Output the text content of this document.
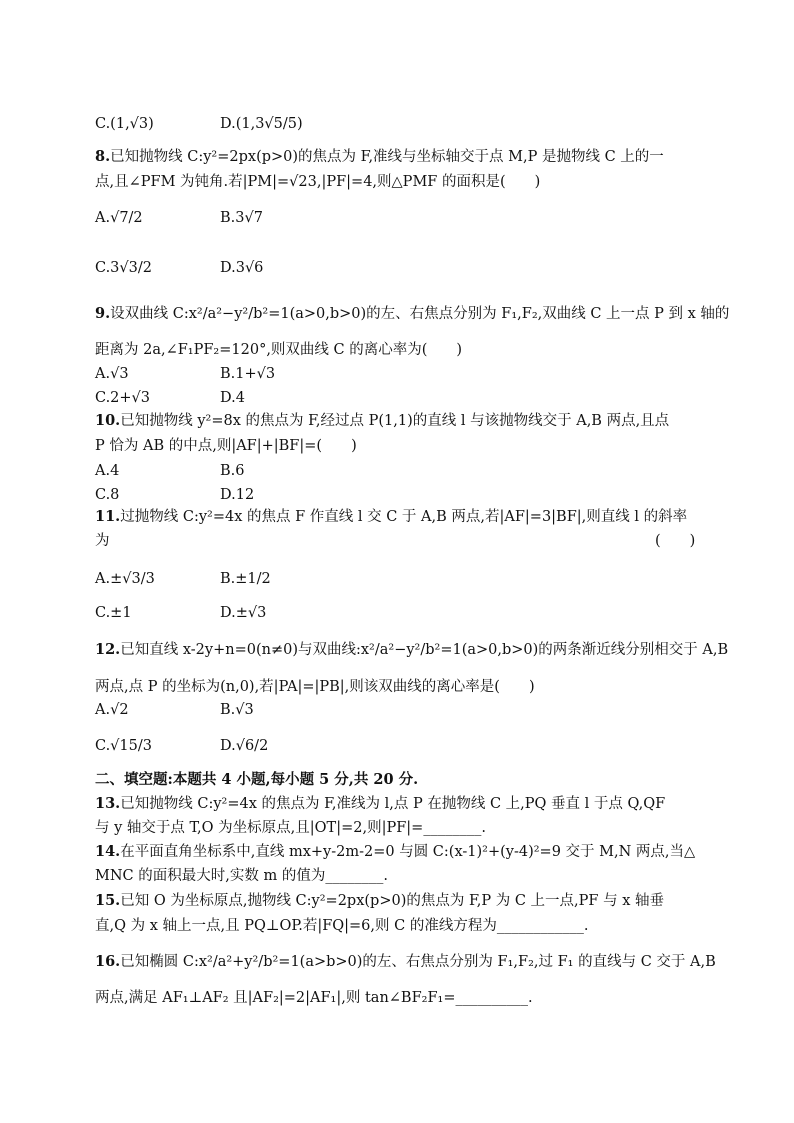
C.(1,√3)	D.(1,3√5/5)
8.已知抛物线 C:y²=2px(p>0)的焦点为 F,准线与坐标轴交于点 M,P 是抛物线 C 上的一
点,且∠PFM 为钝角.若|PM|=√23,|PF|=4,则△PMF 的面积是(　　)
A.√7/2	B.3√7
C.3√3/2	D.3√6
9.设双曲线 C:x²/a²−y²/b²=1(a>0,b>0)的左、右焦点分别为 F₁,F₂,双曲线 C 上一点 P 到 x 轴的
距离为 2a,∠F₁PF₂=120°,则双曲线 C 的离心率为(　　)
A.√3	B.1+√3
C.2+√3	D.4
10.已知抛物线 y²=8x 的焦点为 F,经过点 P(1,1)的直线 l 与该抛物线交于 A,B 两点,且点
P 恰为 AB 的中点,则|AF|+|BF|=(　　)
A.4	B.6
C.8	D.12
11.过抛物线 C:y²=4x 的焦点 F 作直线 l 交 C 于 A,B 两点,若|AF|=3|BF|,则直线 l 的斜率
为	(　　)
A.±√3/3	B.±1/2
C.±1	D.±√3
12.已知直线 x-2y+n=0(n≠0)与双曲线:x²/a²−y²/b²=1(a>0,b>0)的两条渐近线分别相交于 A,B
两点,点 P 的坐标为(n,0),若|PA|=|PB|,则该双曲线的离心率是(　　)
A.√2	B.√3
C.√15/3	D.√6/2
二、填空题:本题共 4 小题,每小题 5 分,共 20 分.
13.已知抛物线 C:y²=4x 的焦点为 F,准线为 l,点 P 在抛物线 C 上,PQ 垂直 l 于点 Q,QF
与 y 轴交于点 T,O 为坐标原点,且|OT|=2,则|PF|=________.
14.在平面直角坐标系中,直线 mx+y-2m-2=0 与圆 C:(x-1)²+(y-4)²=9 交于 M,N 两点,当△
MNC 的面积最大时,实数 m 的值为________.
15.已知 O 为坐标原点,抛物线 C:y²=2px(p>0)的焦点为 F,P 为 C 上一点,PF 与 x 轴垂
直,Q 为 x 轴上一点,且 PQ⊥OP.若|FQ|=6,则 C 的准线方程为____________.
16.已知椭圆 C:x²/a²+y²/b²=1(a>b>0)的左、右焦点分别为 F₁,F₂,过 F₁ 的直线与 C 交于 A,B
两点,满足 AF₁⊥AF₂ 且|AF₂|=2|AF₁|,则 tan∠BF₂F₁=__________.
